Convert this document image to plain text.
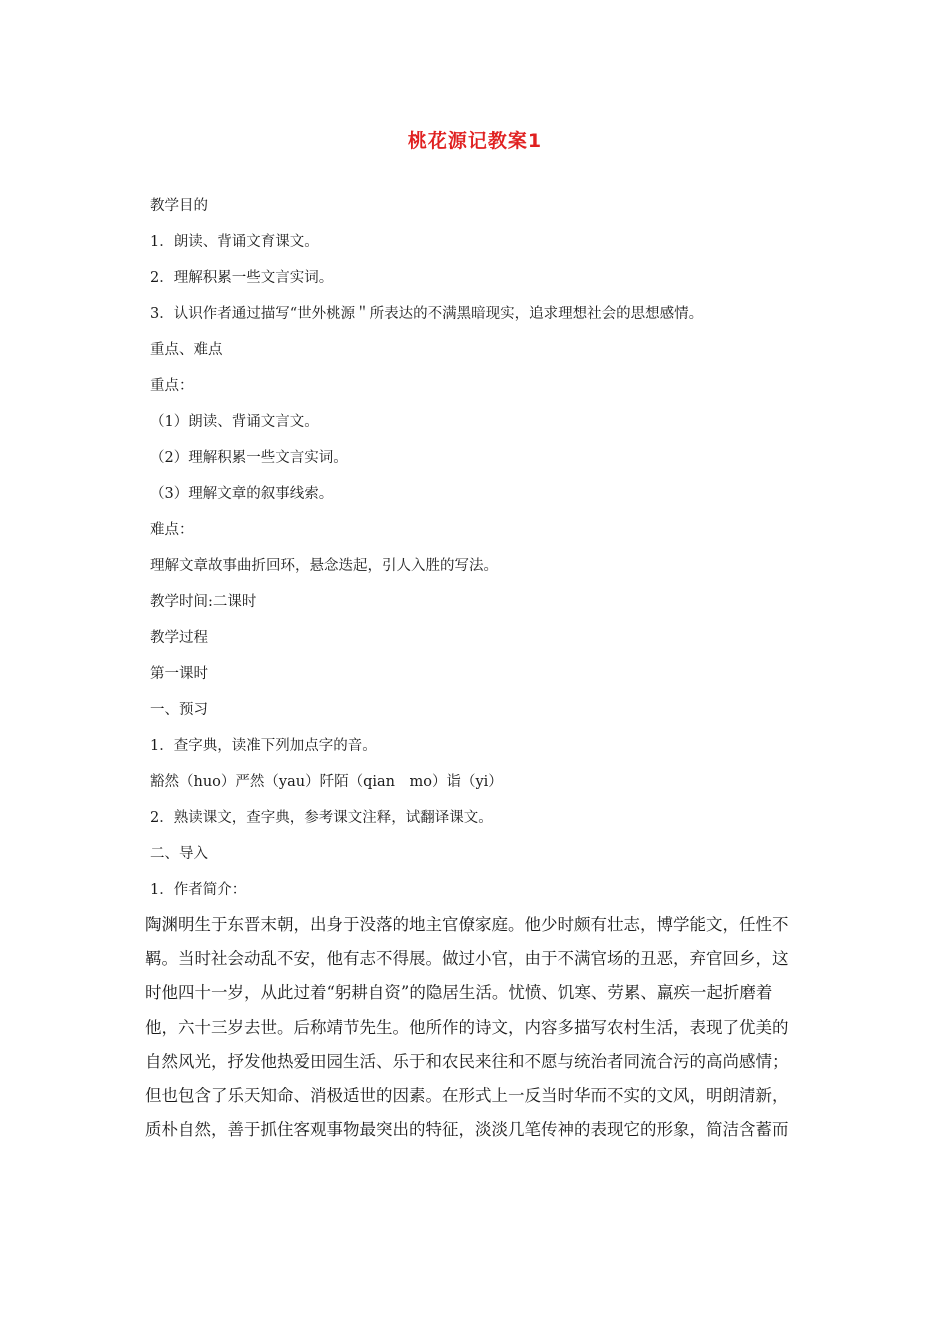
桃花源记教案1
教学目的
1．朗读、背诵文育课文。
2．理解积累一些文言实词。
3．认识作者通过描写“世外桃源＂所表达的不满黑暗现实，追求理想社会的思想感情。
重点、难点
重点：
（1）朗读、背诵文言文。
（2）理解积累一些文言实词。
（3）理解文章的叙事线索。
难点：
理解文章故事曲折回环，悬念迭起，引人入胜的写法。
教学时间:二课时
教学过程
第一课时
一、预习
1．查字典，读准下列加点字的音。
豁然（huo）严然（yau）阡陌（qian　mo）诣（yi）
2．熟读课文，查字典，参考课文注释，试翻译课文。
二、导入
1．作者简介：
陶渊明生于东晋末朝，出身于没落的地主官僚家庭。他少时颇有壮志，博学能文，任性不
羁。当时社会动乱不安，他有志不得展。做过小官，由于不满官场的丑恶，弃官回乡，这
时他四十一岁，从此过着“躬耕自资”的隐居生活。忧愤、饥寒、劳累、羸疾一起折磨着
他，六十三岁去世。后称靖节先生。他所作的诗文，内容多描写农村生活，表现了优美的
自然风光，抒发他热爱田园生活、乐于和农民来往和不愿与统治者同流合污的高尚感情；
但也包含了乐天知命、消极适世的因素。在形式上一反当时华而不实的文风，明朗清新，
质朴自然，善于抓住客观事物最突出的特征，淡淡几笔传神的表现它的形象，简洁含蓄而
